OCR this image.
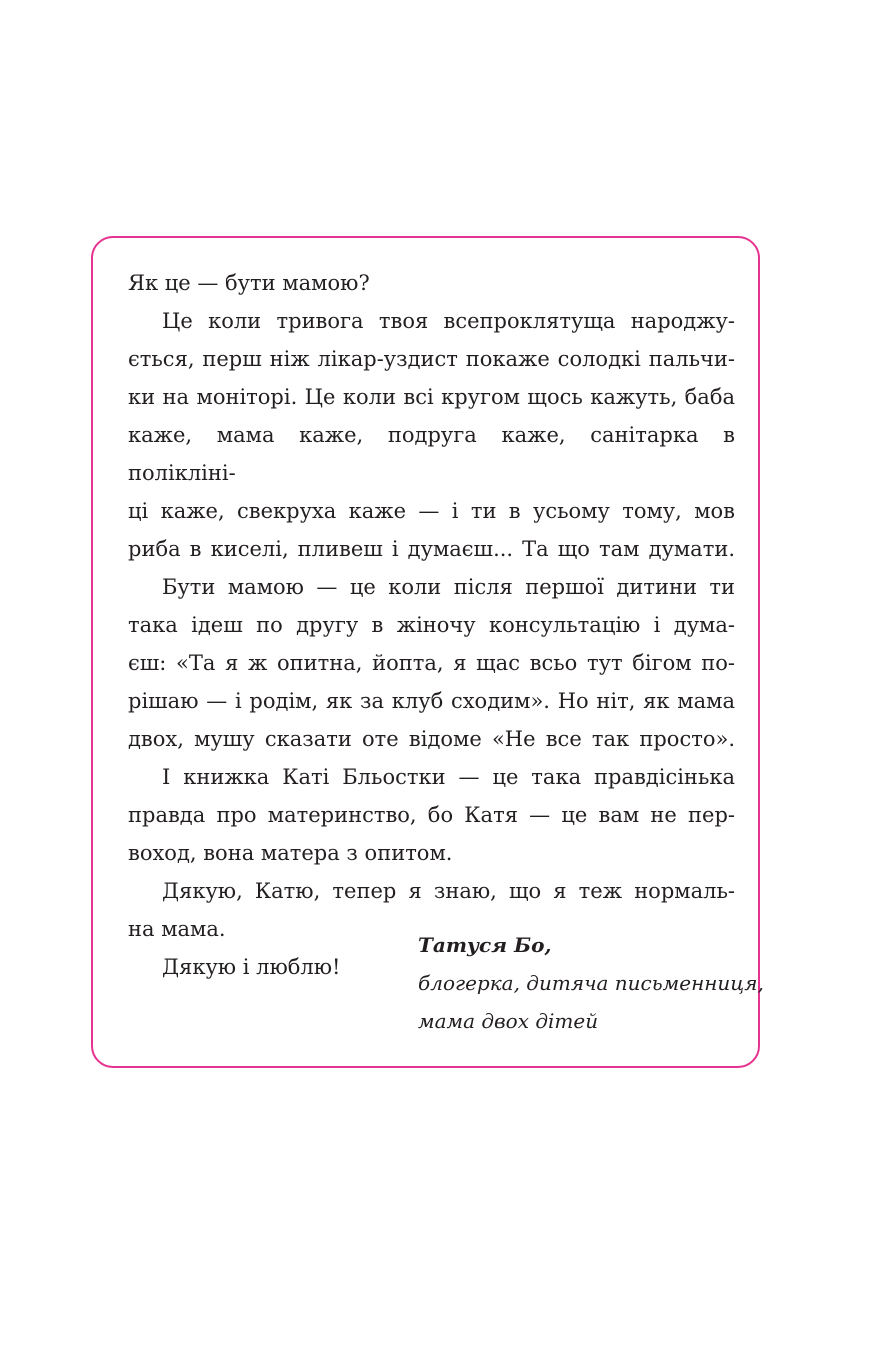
Як це — бути мамою?
Це коли тривога твоя всепроклятуща народжу-
ється, перш ніж лікар-уздист покаже солодкі пальчи-
ки на моніторі. Це коли всі кругом щось кажуть, баба
каже, мама каже, подруга каже, санітарка в полікліні-
ці каже, свекруха каже — і ти в усьому тому, мов
риба в киселі, пливеш і думаєш... Та що там думати.
Бути мамою — це коли після першої дитини ти
така ідеш по другу в жіночу консультацію і дума-
єш: «Та я ж опитна, йопта, я щас всьо тут бігом по-
рішаю — і родім, як за клуб сходим». Но ніт, як мама
двох, мушу сказати оте відоме «Не все так просто».
І книжка Каті Бльостки — це така правдісінька
правда про материнство, бо Катя — це вам не пер-
воход, вона матера з опитом.
Дякую, Катю, тепер я знаю, що я теж нормаль-
на мама.
Дякую і люблю!
Татуся Бо,
блогерка, дитяча письменниця,
мама двох дітей
